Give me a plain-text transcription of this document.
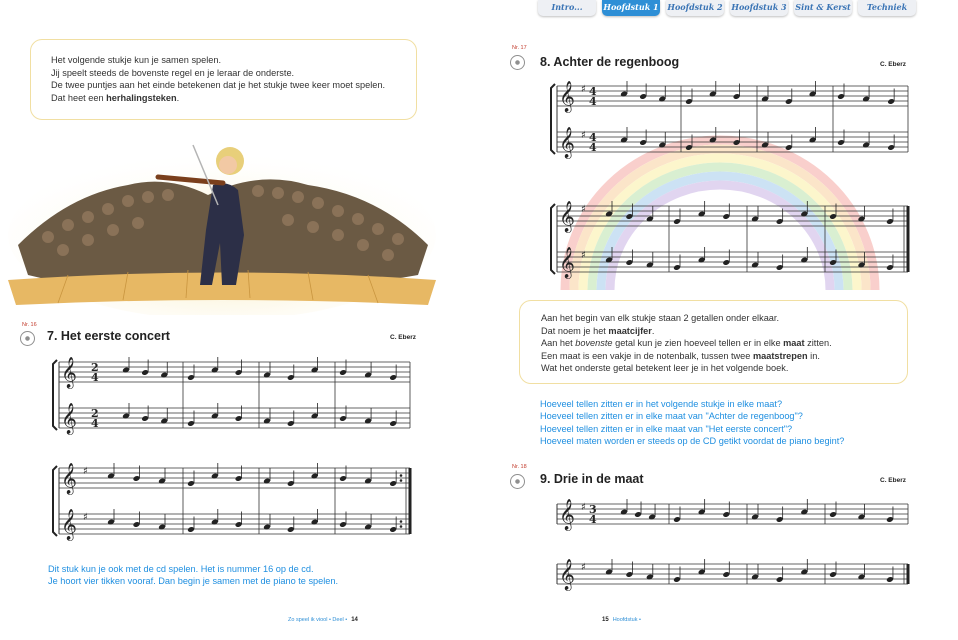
Intro...	Hoofdstuk 1 Hoofdstuk 2 Hoofdstuk 3 Sint & Kerst	Techniek

Het volgende stukje kun je samen spelen.

Jij speelt steeds de bovenste regel en je leraar de onderste.

De twee puntjes aan het einde betekenen dat je het stukje twee keer moet spelen.

Dat heet een herhalingsteken.

Nr. 16
7. Het eerste concert	C. Eberz
𝄞 2
4
𝄞 2
4
𝄞 ♯
𝄞 ♯

Dit stuk kun je ook met de cd spelen. Het is nummer 16 op de cd.

Je hoort vier tikken vooraf. Dan begin je samen met de piano te spelen.

Zo speel ik viool • Deel • 14
Nr. 17
8. Achter de regenboog	C. Eberz
𝄞 ♯ 4
4
𝄞 ♯ 4
4
𝄞 ♯
𝄞 ♯

Aan het begin van elk stukje staan 2 getallen onder elkaar.

Dat noem je het maatcijfer.

Aan het bovenste getal kun je zien hoeveel tellen er in elke maat zitten.

Een maat is een vakje in de notenbalk, tussen twee maatstrepen in.

Wat het onderste getal betekent leer je in het volgende boek.

Hoeveel tellen zitten er in het volgende stukje in elke maat?

Hoeveel tellen zitten er in elke maat van "Achter de regenboog"?

Hoeveel tellen zitten er in elke maat van "Het eerste concert"?

Hoeveel maten worden er steeds op de CD getikt voordat de piano begint?

Nr. 18
9. Drie in de maat	C. Eberz
𝄞 ♯ 3
4
𝄞 ♯
15 Hoofdstuk •
